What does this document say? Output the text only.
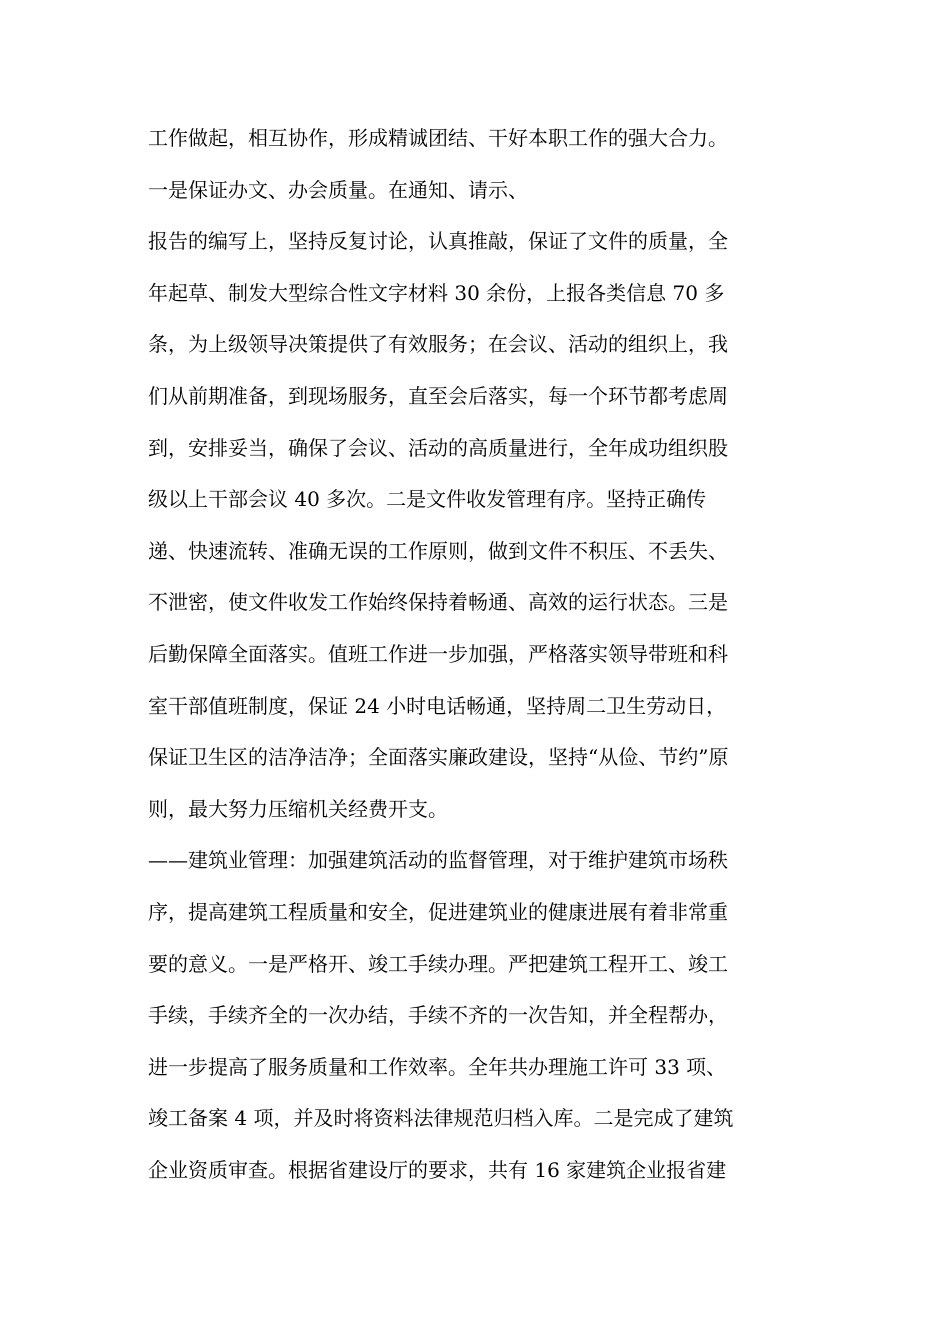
工作做起，相互协作，形成精诚团结、干好本职工作的强大合力。
一是保证办文、办会质量。在通知、请示、
报告的编写上，坚持反复讨论，认真推敲，保证了文件的质量，全
年起草、制发大型综合性文字材料 30 余份，上报各类信息 70 多
条，为上级领导决策提供了有效服务；在会议、活动的组织上，我
们从前期准备，到现场服务，直至会后落实，每一个环节都考虑周
到，安排妥当，确保了会议、活动的高质量进行，全年成功组织股
级以上干部会议 40 多次。二是文件收发管理有序。坚持正确传
递、快速流转、准确无误的工作原则，做到文件不积压、不丢失、
不泄密，使文件收发工作始终保持着畅通、高效的运行状态。三是
后勤保障全面落实。值班工作进一步加强，严格落实领导带班和科
室干部值班制度，保证 24 小时电话畅通，坚持周二卫生劳动日，
保证卫生区的洁净洁净；全面落实廉政建设，坚持“从俭、节约”原
则，最大努力压缩机关经费开支。
——建筑业管理：加强建筑活动的监督管理，对于维护建筑市场秩
序，提高建筑工程质量和安全，促进建筑业的健康进展有着非常重
要的意义。一是严格开、竣工手续办理。严把建筑工程开工、竣工
手续，手续齐全的一次办结，手续不齐的一次告知，并全程帮办，
进一步提高了服务质量和工作效率。全年共办理施工许可 33 项、
竣工备案 4 项，并及时将资料法律规范归档入库。二是完成了建筑
企业资质审查。根据省建设厅的要求，共有 16 家建筑企业报省建
